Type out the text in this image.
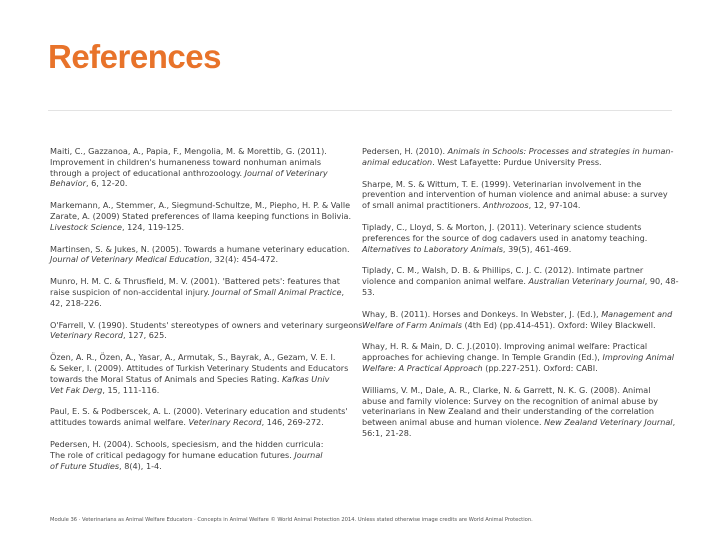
References

Maiti, C., Gazzanoa, A., Papia, F., Mengolia, M. & Morettib, G. (2011).
Improvement in children's humaneness toward nonhuman animals
through a project of educational anthrozoology. Journal of Veterinary
Behavior, 6, 12-20.

Markemann, A., Stemmer, A., Siegmund-Schultze, M., Piepho, H. P. & Valle
Zarate, A. (2009) Stated preferences of llama keeping functions in Bolivia.
Livestock Science, 124, 119-125.

Martinsen, S. & Jukes, N. (2005). Towards a humane veterinary education.
Journal of Veterinary Medical Education, 32(4): 454-472.

Munro, H. M. C. & Thrusfield, M. V. (2001). 'Battered pets': features that
raise suspicion of non-accidental injury. Journal of Small Animal Practice,
42, 218-226.

O'Farrell, V. (1990). Students' stereotypes of owners and veterinary surgeons.
Veterinary Record, 127, 625.

Özen, A. R., Özen, A., Yasar, A., Armutak, S., Bayrak, A., Gezam, V. E. I.
& Seker, I. (2009). Attitudes of Turkish Veterinary Students and Educators
towards the Moral Status of Animals and Species Rating. Kafkas Univ
Vet Fak Derg, 15, 111-116.

Paul, E. S. & Podberscek, A. L. (2000). Veterinary education and students'
attitudes towards animal welfare. Veterinary Record, 146, 269-272.

Pedersen, H. (2004). Schools, speciesism, and the hidden curricula:
The role of critical pedagogy for humane education futures. Journal
of Future Studies, 8(4), 1-4.

Pedersen, H. (2010). Animals in Schools: Processes and strategies in human-
animal education. West Lafayette: Purdue University Press.

Sharpe, M. S. & Wittum, T. E. (1999). Veterinarian involvement in the
prevention and intervention of human violence and animal abuse: a survey
of small animal practitioners. Anthrozoos, 12, 97-104.

Tiplady, C., Lloyd, S. & Morton, J. (2011). Veterinary science students
preferences for the source of dog cadavers used in anatomy teaching.
Alternatives to Laboratory Animals, 39(5), 461-469.

Tiplady, C. M., Walsh, D. B. & Phillips, C. J. C. (2012). Intimate partner
violence and companion animal welfare. Australian Veterinary Journal, 90, 48-
53.

Whay, B. (2011). Horses and Donkeys. In Webster, J. (Ed.), Management and
Welfare of Farm Animals (4th Ed) (pp.414-451). Oxford: Wiley Blackwell.

Whay, H. R. & Main, D. C. J.(2010). Improving animal welfare: Practical
approaches for achieving change. In Temple Grandin (Ed.), Improving Animal
Welfare: A Practical Approach (pp.227-251). Oxford: CABI.

Williams, V. M., Dale, A. R., Clarke, N. & Garrett, N. K. G. (2008). Animal
abuse and family violence: Survey on the recognition of animal abuse by
veterinarians in New Zealand and their understanding of the correlation
between animal abuse and human violence. New Zealand Veterinary Journal,
56:1, 21-28.

Module 36 · Veterinarians as Animal Welfare Educators · Concepts in Animal Welfare © World Animal Protection 2014. Unless stated otherwise image credits are World Animal Protection.
